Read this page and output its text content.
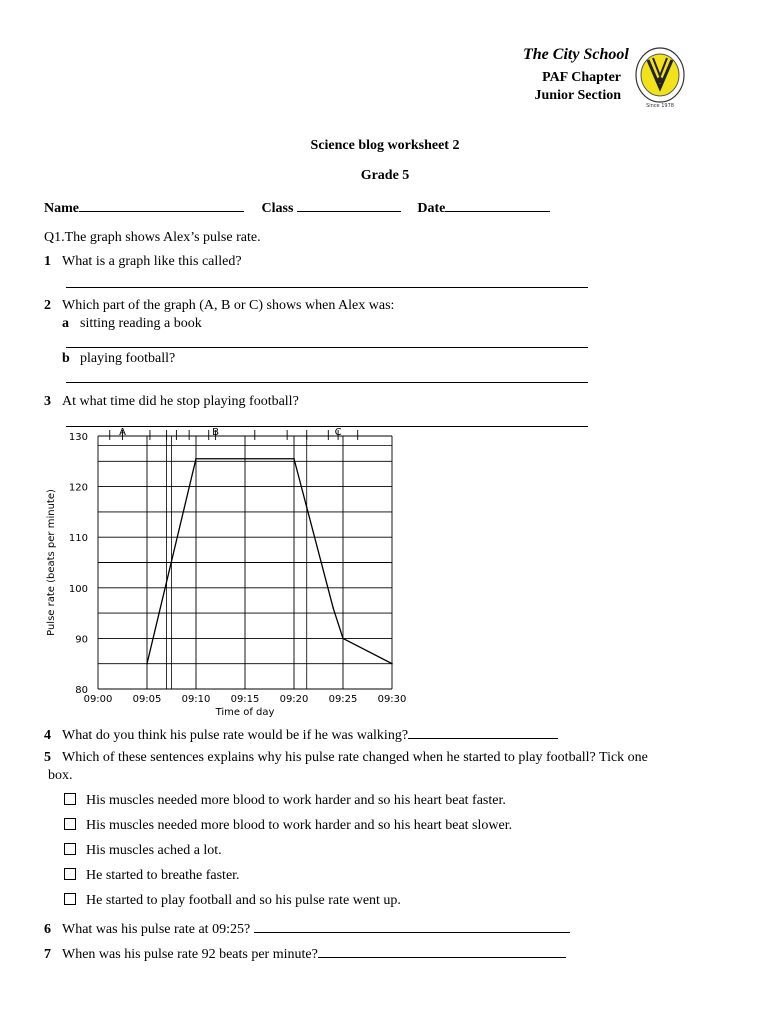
The City School
PAF Chapter
Junior Section
Since 1978
Science blog worksheet 2
Grade 5
Name	Class	Date
Q1.The graph shows Alex’s pulse rate.
1 What is a graph like this called?
2 Which part of the graph (A, B or C) shows when Alex was:
a sitting reading a book
b playing football?
3 At what time did he stop playing football?
80
90
100
110
120
130
09:00 09:05 09:10 09:15 09:20 09:25 09:30
Time of day
Pulse rate (beats per minute)
A	B	C
4 What do you think his pulse rate would be if he was walking?
5 Which of these sentences explains why his pulse rate changed when he started to play football? Tick one
box.
His muscles needed more blood to work harder and so his heart beat faster.
His muscles needed more blood to work harder and so his heart beat slower.
His muscles ached a lot.
He started to breathe faster.
He started to play football and so his pulse rate went up.
6 What was his pulse rate at 09:25?
7 When was his pulse rate 92 beats per minute?
